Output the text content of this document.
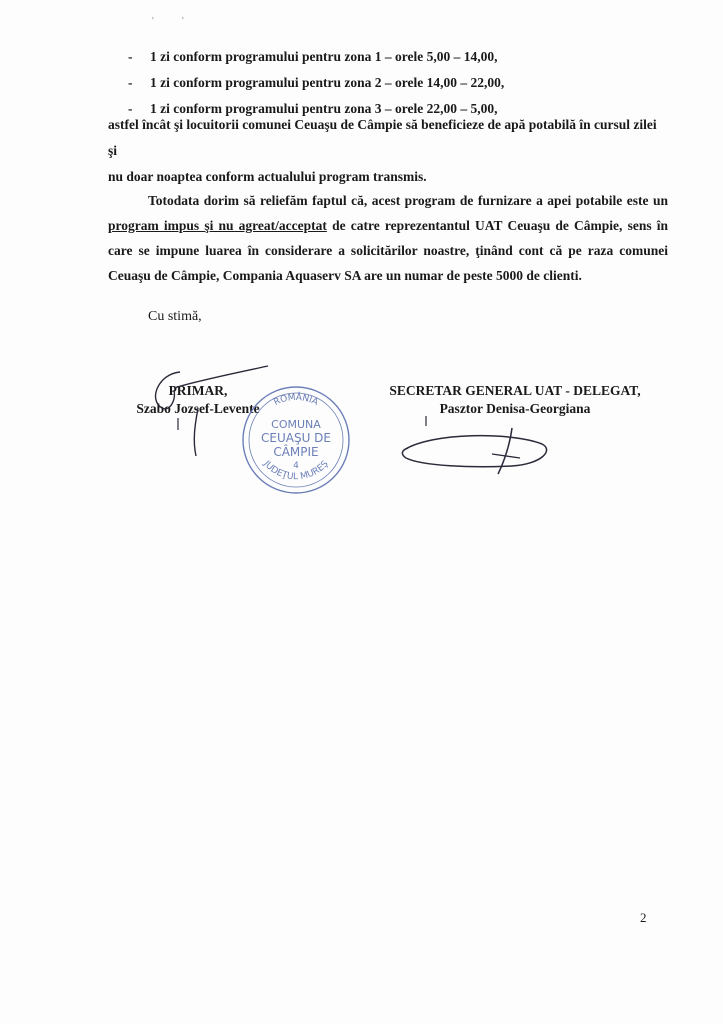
'	'
- 1 zi conform programului pentru zona 1 – orele 5,00 – 14,00,
- 1 zi conform programului pentru zona 2 – orele 14,00 – 22,00,
- 1 zi conform programului pentru zona 3 – orele 22,00 – 5,00,
astfel încât şi locuitorii comunei Ceuaşu de Câmpie să beneficieze de apă potabilă în cursul zilei şi
nu doar noaptea conform actualului program transmis.
Totodata dorim să reliefăm faptul că, acest program de furnizare a apei potabile este un program impus şi nu agreat/acceptat de catre reprezentantul UAT Ceuaşu de Câmpie, sens în care se impune luarea în considerare a solicitărilor noastre, ţinând cont că pe raza comunei Ceuaşu de Câmpie, Compania Aquaserv SA are un numar de peste 5000 de clienti.
Cu stimă,
PRIMAR,
Szabo Jozsef-Levente
SECRETAR GENERAL UAT - DELEGAT,
Pasztor Denisa-Georgiana
ROMÂNIA
JUDEŢUL MUREŞ
COMUNA
CEUAŞU DE
CÂMPIE
4
2
